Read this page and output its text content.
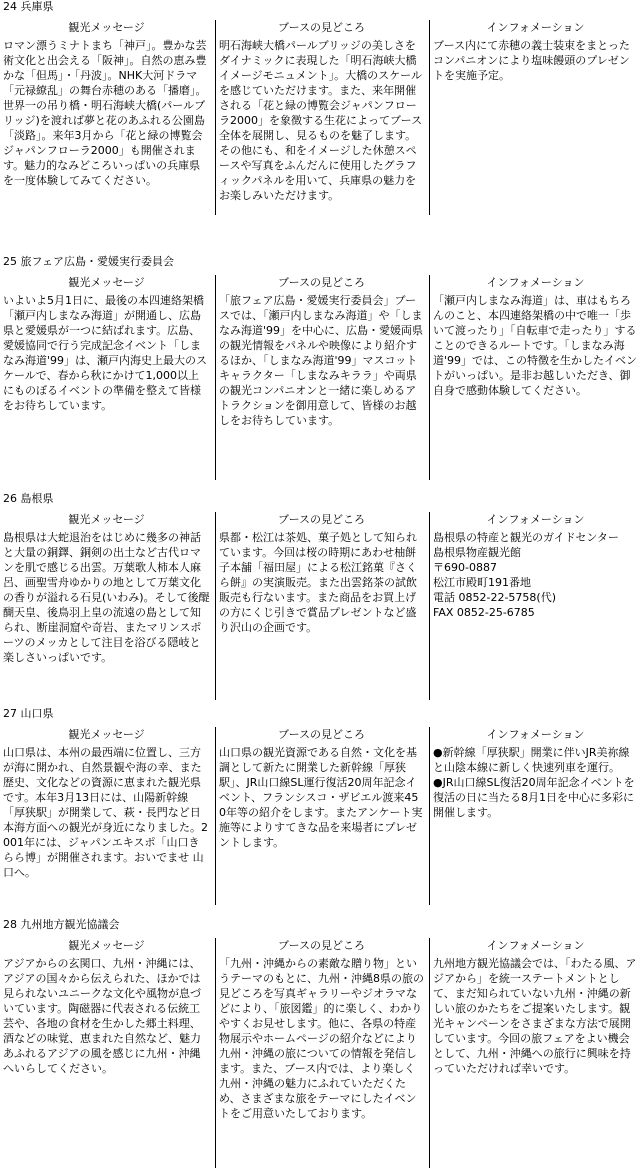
24 兵庫県
観光メッセージ
ロマン漂うミナトまち「神戸」。豊かな芸術文化と出会える「阪神」。自然の恵み豊かな「但馬」・「丹波」。NHK大河ドラマ「元禄繚乱」の舞台赤穂のある「播磨」。世界一の吊り橋・明石海峡大橋(パールブリッジ)を渡れば夢と花のあふれる公園島「淡路」。来年3月から「花と緑の博覧会ジャパンフローラ2000」も開催されます。魅力的なみどころいっぱいの兵庫県を一度体験してみてください。
ブースの見どころ
明石海峡大橋パールブリッジの美しさをダイナミックに表現した「明石海峡大橋イメージモニュメント」。大橋のスケールを感じていただけます。また、来年開催される「花と緑の博覧会ジャパンフローラ2000」を象徴する生花によってブース全体を展開し、見るものを魅了します。その他にも、和をイメージした休憩スペースや写真をふんだんに使用したグラフィックパネルを用いて、兵庫県の魅力をお楽しみいただけます。
インフォメーション
ブース内にて赤穂の義士装束をまとったコンパニオンにより塩味饅頭のプレゼントを実施予定。
25 旅フェア広島・愛媛実行委員会
観光メッセージ
いよいよ5月1日に、最後の本四連絡架橋「瀬戸内しまなみ海道」が開通し、広島県と愛媛県が一つに結ばれます。広島、愛媛協同で行う完成記念イベント「しまなみ海道'99」は、瀬戸内海史上最大のスケールで、春から秋にかけて1,000以上にものぼるイベントの準備を整えて皆様をお待ちしています。
ブースの見どころ
「旅フェア広島・愛媛実行委員会」ブースでは、「瀬戸内しまなみ海道」や「しまなみ海道'99」を中心に、広島・愛媛両県の観光情報をパネルや映像により紹介するほか、「しまなみ海道'99」マスコットキャラクター「しまなみキララ」や両県の観光コンパニオンと一緒に楽しめるアトラクションを御用意して、皆様のお越しをお待ちしています。
インフォメーション
「瀬戸内しまなみ海道」は、車はもちろんのこと、本四連絡架橋の中で唯一「歩いて渡ったり」「自転車で走ったり」することのできるルートです。「しまなみ海道'99」では、この特徴を生かしたイベントがいっぱい。是非お越しいただき、御自身で感動体験してください。
26 島根県
観光メッセージ
島根県は大蛇退治をはじめに幾多の神話と大量の銅鐸、銅剣の出土など古代ロマンを肌で感じる出雲。万葉歌人柿本人麻呂、画聖雪舟ゆかりの地として万葉文化の香りが溢れる石見(いわみ)。そして後醍醐天皇、後鳥羽上皇の流遠の島として知られ、断崖洞窟や奇岩、またマリンスポーツのメッカとして注目を浴びる隠岐と楽しさいっぱいです。
ブースの見どころ
県都・松江は茶処、菓子処として知られています。今回は桜の時期にあわせ柚餅子本舗「福田屋」による松江銘菓『さくら餅』の実演販売。また出雲銘茶の試飲販売も行ないます。また商品をお買上げの方にくじ引きで賞品プレゼントなど盛り沢山の企画です。
インフォメーション
島根県の特産と観光のガイドセンター
島根県物産観光館
〒690-0887
松江市殿町191番地
電話 0852-22-5758(代)
FAX 0852-25-6785
27 山口県
観光メッセージ
山口県は、本州の最西端に位置し、三方が海に開かれ、自然景観や海の幸、また歴史、文化などの資源に恵まれた観光県です。本年3月13日には、山陽新幹線「厚狭駅」が開業して、萩・長門など日本海方面への観光が身近になりました。2001年には、ジャパンエキスポ「山口きらら博」が開催されます。おいでませ 山口へ。
ブースの見どころ
山口県の観光資源である自然・文化を基調として新たに開業した新幹線「厚狭駅」、JR山口線SL運行復活20周年記念イベント、フランシスコ・ザビエル渡来450年等の紹介をします。またアンケート実施等によりすてきな品を来場者にプレゼントします。
インフォメーション
●新幹線「厚狭駅」開業に伴いJR美祢線と山陰本線に新しく快速列車を運行。
●JR山口線SL復活20周年記念イベントを復活の日に当たる8月1日を中心に多彩に開催します。
28 九州地方観光協議会
観光メッセージ
アジアからの玄関口、九州・沖縄には、アジアの国々から伝えられた、ほかでは見られないユニークな文化や風物が息づいています。陶磁器に代表される伝統工芸や、各地の食材を生かした郷土料理、酒などの味覚、恵まれた自然など、魅力あふれるアジアの風を感じに九州・沖縄へいらしてください。
ブースの見どころ
「九州・沖縄からの素敵な贈り物」というテーマのもとに、九州・沖縄8県の旅の見どころを写真ギャラリーやジオラマなどにより、「旅図鑑」的に楽しく、わかりやすくお見せします。他に、各県の特産物展示やホームページの紹介などにより九州・沖縄の旅についての情報を発信します。また、ブース内では、より楽しく九州・沖縄の魅力にふれていただくため、さまざまな旅をテーマにしたイベントをご用意いたしております。
インフォメーション
九州地方観光協議会では、「わたる風、アジアから」を統一ステートメントとして、まだ知られていない九州・沖縄の新しい旅のかたちをご提案いたします。観光キャンペーンをさまざまな方法で展開しています。今回の旅フェアをよい機会として、九州・沖縄への旅行に興味を持っていただければ幸いです。
